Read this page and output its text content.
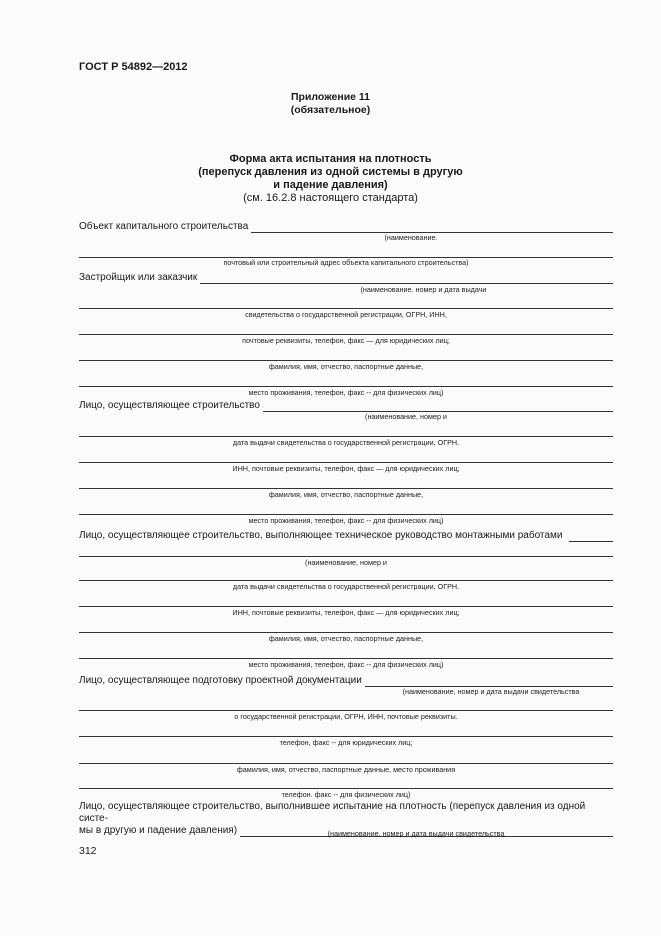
ГОСТ Р 54892—2012
Приложение 11
(обязательное)
Форма акта испытания на плотность
(перепуск давления из одной системы в другую
и падение давления)
(см. 16.2.8 настоящего стандарта)
Объект капитального строительства
(наименование.
почтовый или строительный адрес объекта капитального строительства)
Застройщик или заказчик
(наименование. номер и дата выдачи
свидетельства о государственной регистрации, ОГРН, ИНН,
почтовые реквизиты, телефон, факс — для юридических лиц;
фамилия, имя, отчество, паспортные данные,
место проживания, телефон, факс -- для физических лиц)
Лицо, осуществляющее строительство
(наименование, номер и
дата выдачи свидетельства о государственной регистрации, ОГРН.
ИНН, почтовые реквизиты, телефон, факс — для юридических лиц;
фамилия, имя, отчество, паспортные данные,
место проживания, телефон, факс -- для физических лиц)
Лицо, осуществляющее строительство, выполняющее техническое руководство монтажными работами
(наименование, номер и
дата выдачи свидетельства о государственной регистрации, ОГРН.
ИНН, почтовые реквизиты, телефон, факс — для юридических лиц;
фамилия, имя, отчество, паспортные данные,
место проживания, телефон, факс -- для физических лиц)
Лицо, осуществляющее подготовку проектной документации
(наименование, номер и дата выдачи свидетельства
о государственной регистрации, ОГРН, ИНН, почтовые реквизиты.
телефон, факс -- для юридических лиц;
фамилия, имя, отчество, паспортные данные, место проживания
телефон. факс -- для физических лиц)
Лицо, осуществляющее строительство, выполнившее испытание на плотность (перепуск давления из одной систе-
мы в другую и падение давления)	(наименование, номер и дата выдачи свидетельства
312
